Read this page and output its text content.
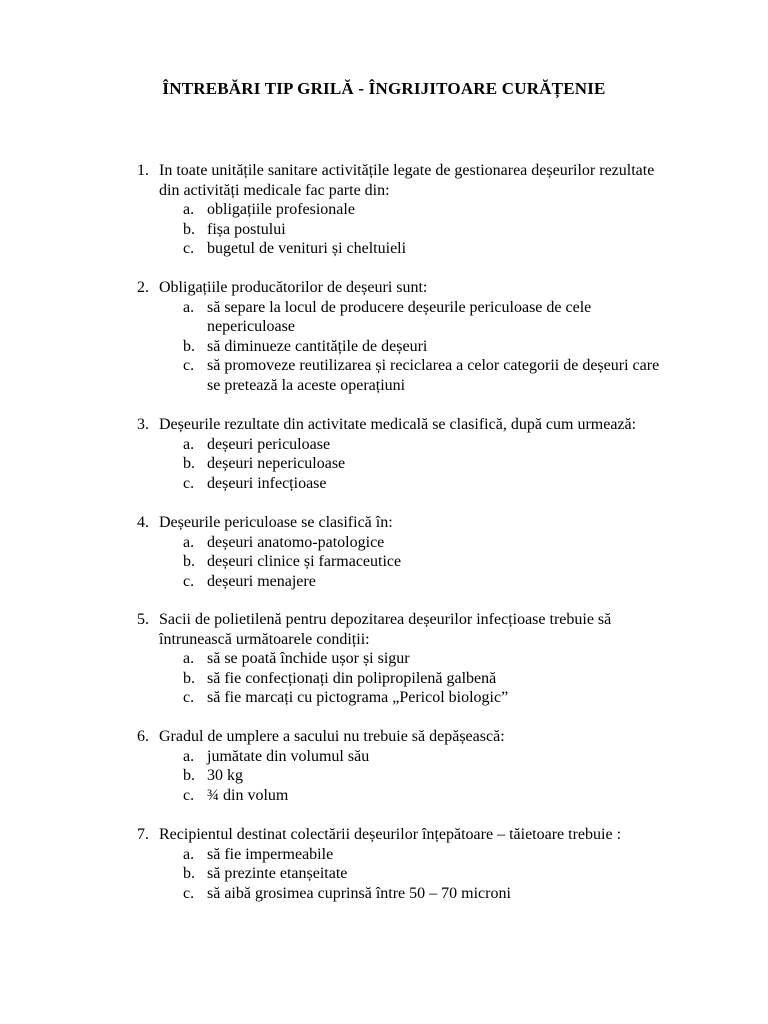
ÎNTREBĂRI TIP GRILĂ - ÎNGRIJITOARE CURĂȚENIE
1. In toate unitățile sanitare activitățile legate de gestionarea deșeurilor rezultate
din activități medicale fac parte din:
a. obligațiile profesionale
b. fișa postului
c. bugetul de venituri și cheltuieli
2. Obligațiile producătorilor de deșeuri sunt:
a. să separe la locul de producere deșeurile periculoase de cele
nepericuloase
b. să diminueze cantitățile de deșeuri
c. să promoveze reutilizarea și reciclarea a celor categorii de deșeuri care
se pretează la aceste operațiuni
3. Deșeurile rezultate din activitate medicală se clasifică, după cum urmează:
a. deșeuri periculoase
b. deșeuri nepericuloase
c. deșeuri infecțioase
4. Deșeurile periculoase se clasifică în:
a. deșeuri anatomo-patologice
b. deșeuri clinice și farmaceutice
c. deșeuri menajere
5. Sacii de polietilenă pentru depozitarea deșeurilor infecțioase trebuie să
întrunească următoarele condiții:
a. să se poată închide ușor și sigur
b. să fie confecționați din polipropilenă galbenă
c. să fie marcați cu pictograma „Pericol biologic”
6. Gradul de umplere a sacului nu trebuie să depășească:
a. jumătate din volumul său
b. 30 kg
c. ¾ din volum
7. Recipientul destinat colectării deșeurilor înțepătoare – tăietoare trebuie :
a. să fie impermeabile
b. să prezinte etanșeitate
c. să aibă grosimea cuprinsă între 50 – 70 microni
